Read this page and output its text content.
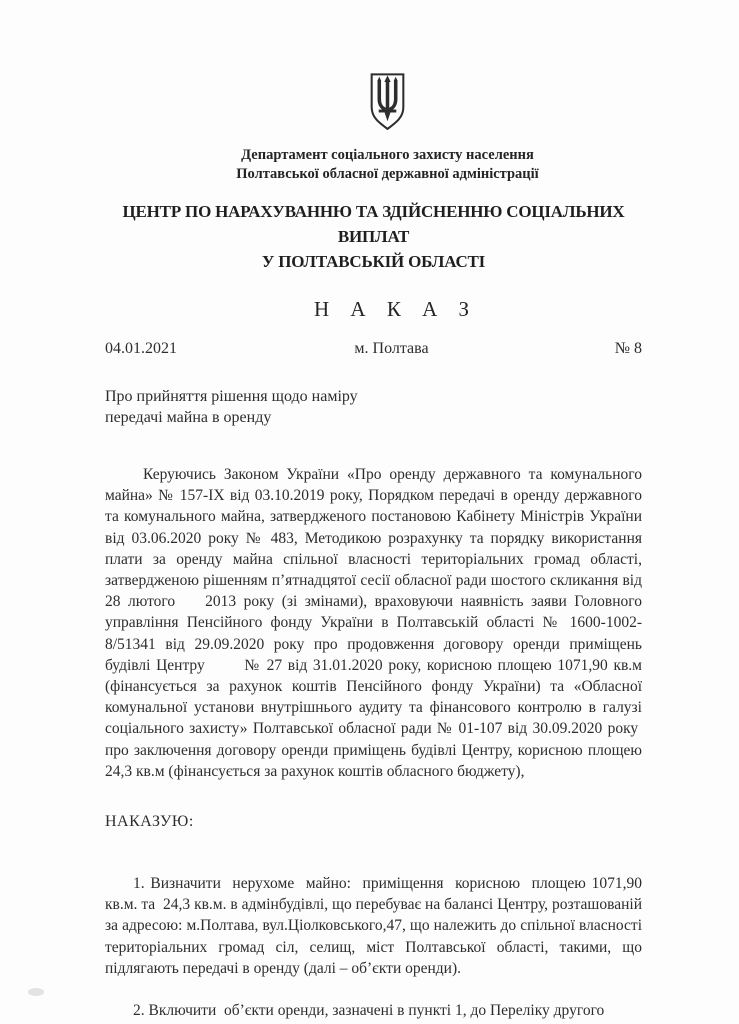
Департамент соціального захисту населення
Полтавської обласної державної адміністрації
ЦЕНТР ПО НАРАХУВАННЮ ТА ЗДІЙСНЕННЮ СОЦІАЛЬНИХ ВИПЛАТ
У ПОЛТАВСЬКІЙ ОБЛАСТІ
Н А К А З
04.01.2021	м. Полтава	№ 8
Про прийняття рішення щодо наміру
передачі майна в оренду

Керуючись Законом України «Про оренду державного та комунального майна» № 157-ІХ від 03.10.2019 року, Порядком передачі в оренду державного та комунального майна, затвердженого постановою Кабінету Міністрів України від 03.06.2020 року № 483, Методикою розрахунку та порядку використання плати за оренду майна спільної власності територіальних громад області, затвердженою рішенням п’ятнадцятої сесії обласної ради шостого скликання від 28 лютого    2013 року (зі змінами), враховуючи наявність заяви Головного управління Пенсійного фонду України в Полтавській області № 1600-1002-8/51341 від 29.09.2020 року про продовження договору оренди приміщень будівлі Центру       № 27 від 31.01.2020 року, корисною площею 1071,90 кв.м (фінансується за рахунок коштів Пенсійного фонду України) та «Обласної комунальної установи внутрішнього аудиту та фінансового контролю в галузі соціального захисту» Полтавської обласної ради № 01-107 від 30.09.2020 року  про заключення договору оренди приміщень будівлі Центру, корисною площею 24,3 кв.м (фінансується за рахунок коштів обласного бюджету),

НАКАЗУЮ:

1. Визначити  нерухоме  майно:  приміщення  корисною  площею 1071,90 кв.м. та  24,3 кв.м. в адмінбудівлі, що перебуває на балансі Центру, розташованій за адресою: м.Полтава, вул.Ціолковського,47, що належить до спільної власності територіальних громад сіл, селищ, міст Полтавської області, такими, що підлягають передачі в оренду (далі – об’єкти оренди).

2. Включити  об’єкти оренди, зазначені в пункті 1, до Переліку другого
